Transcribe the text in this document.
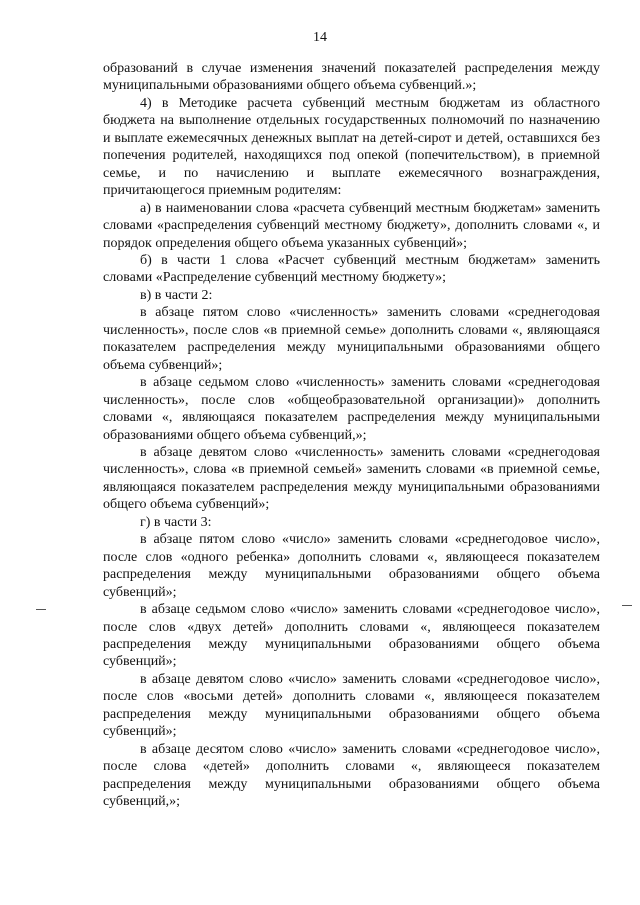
14

образований в случае изменения значений показателей распределения между муниципальными образованиями общего объема субвенций.»;

4) в Методике расчета субвенций местным бюджетам из областного бюджета на выполнение отдельных государственных полномочий по назначению и выплате ежемесячных денежных выплат на детей-сирот и детей, оставшихся без попечения родителей, находящихся под опекой (попечительством), в приемной семье, и по начислению и выплате ежемесячного вознаграждения, причитающегося приемным родителям:

а) в наименовании слова «расчета субвенций местным бюджетам» заменить словами «распределения субвенций местному бюджету», дополнить словами «, и порядок определения общего объема указанных субвенций»;

б) в части 1 слова «Расчет субвенций местным бюджетам» заменить словами «Распределение субвенций местному бюджету»;

в) в части 2:

в абзаце пятом слово «численность» заменить словами «среднегодовая численность», после слов «в приемной семье» дополнить словами «, являющаяся показателем распределения между муниципальными образованиями общего объема субвенций»;

в абзаце седьмом слово «численность» заменить словами «среднегодовая численность», после слов «общеобразовательной организации)» дополнить словами «, являющаяся показателем распределения между муниципальными образованиями общего объема субвенций,»;

в абзаце девятом слово «численность» заменить словами «среднегодовая численность», слова «в приемной семьей» заменить словами «в приемной семье, являющаяся показателем распределения между муниципальными образованиями общего объема субвенций»;

г) в части 3:

в абзаце пятом слово «число» заменить словами «среднегодовое число», после слов «одного ребенка» дополнить словами «, являющееся показателем распределения между муниципальными образованиями общего объема субвенций»;

в абзаце седьмом слово «число» заменить словами «среднегодовое число», после слов «двух детей» дополнить словами «, являющееся показателем распределения между муниципальными образованиями общего объема субвенций»;

в абзаце девятом слово «число» заменить словами «среднегодовое число», после слов «восьми детей» дополнить словами «, являющееся показателем распределения между муниципальными образованиями общего объема субвенций»;

в абзаце десятом слово «число» заменить словами «среднегодовое число», после слова «детей» дополнить словами «, являющееся показателем распределения между муниципальными образованиями общего объема субвенций,»;
